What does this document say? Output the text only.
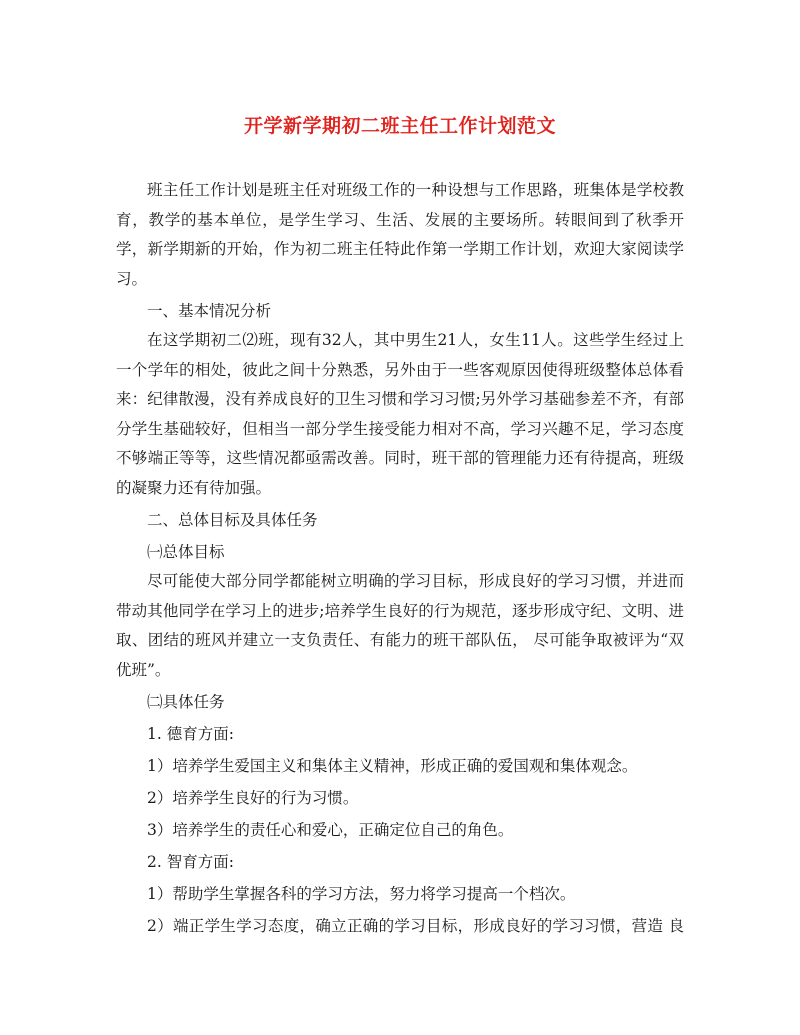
开学新学期初二班主任工作计划范文

班主任工作计划是班主任对班级工作的一种设想与工作思路，班集体是学校教育，教学的基本单位，是学生学习、生活、发展的主要场所。转眼间到了秋季开学，新学期新的开始，作为初二班主任特此作第一学期工作计划，欢迎大家阅读学习。

一、基本情况分析

在这学期初二⑵班，现有32人，其中男生21人，女生11人。这些学生经过上一个学年的相处，彼此之间十分熟悉，另外由于一些客观原因使得班级整体总体看来：纪律散漫，没有养成良好的卫生习惯和学习习惯;另外学习基础参差不齐，有部分学生基础较好，但相当一部分学生接受能力相对不高，学习兴趣不足，学习态度不够端正等等，这些情况都亟需改善。同时，班干部的管理能力还有待提高，班级的凝聚力还有待加强。

二、总体目标及具体任务

㈠总体目标

尽可能使大部分同学都能树立明确的学习目标，形成良好的学习习惯，并进而带动其他同学在学习上的进步;培养学生良好的行为规范，逐步形成守纪、文明、进取、团结的班风并建立一支负责任、有能力的班干部队伍， 尽可能争取被评为“双优班”。

㈡具体任务

1. 德育方面:

1）培养学生爱国主义和集体主义精神，形成正确的爱国观和集体观念。

2）培养学生良好的行为习惯。

3）培养学生的责任心和爱心，正确定位自己的角色。

2. 智育方面:

1）帮助学生掌握各科的学习方法，努力将学习提高一个档次。

2）端正学生学习态度，确立正确的学习目标，形成良好的学习习惯，营造 良
